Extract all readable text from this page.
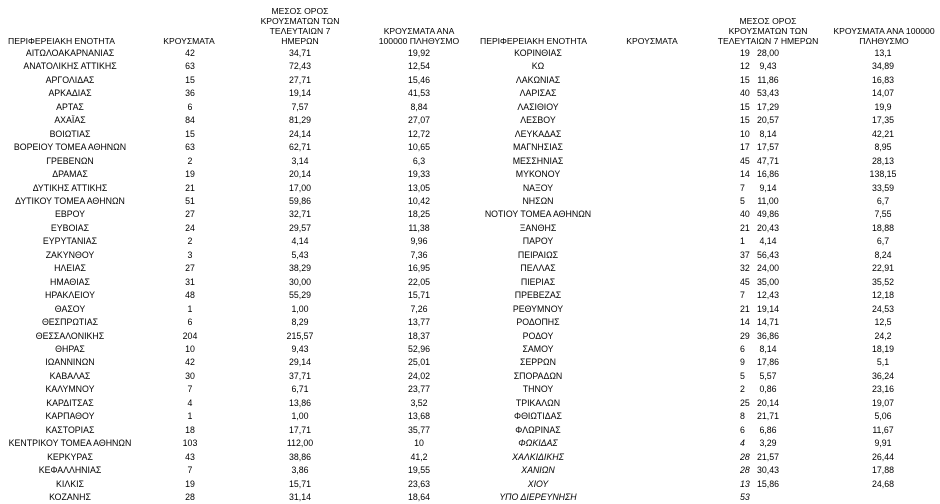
ΠΕΡΙΦΕΡΕΙΑΚΗ ΕΝΟΤΗΤΑ	ΚΡΟΥΣΜΑΤΑ	ΜΕΣΟΣ ΟΡΟΣ ΚΡΟΥΣΜΑΤΩΝ ΤΩΝ ΤΕΛΕΥΤΑΙΩΝ 7 ΗΜΕΡΩΝ	ΚΡΟΥΣΜΑΤΑ ΑΝΑ 100000 ΠΛΗΘΥΣΜΟ
ΑΙΤΩΛΟΑΚΑΡΝΑΝΙΑΣ	42	34,71	19,92
ΑΝΑΤΟΛΙΚΗΣ ΑΤΤΙΚΗΣ	63	72,43	12,54
ΑΡΓΟΛΙΔΑΣ	15	27,71	15,46
ΑΡΚΑΔΙΑΣ	36	19,14	41,53
ΑΡΤΑΣ	6	7,57	8,84
ΑΧΑΪΑΣ	84	81,29	27,07
ΒΟΙΩΤΙΑΣ	15	24,14	12,72
ΒΟΡΕΙΟΥ ΤΟΜΕΑ ΑΘΗΝΩΝ	63	62,71	10,65
ΓΡΕΒΕΝΩΝ	2	3,14	6,3
ΔΡΑΜΑΣ	19	20,14	19,33
ΔΥΤΙΚΗΣ ΑΤΤΙΚΗΣ	21	17,00	13,05
ΔΥΤΙΚΟΥ ΤΟΜΕΑ ΑΘΗΝΩΝ	51	59,86	10,42
ΕΒΡΟΥ	27	32,71	18,25
ΕΥΒΟΙΑΣ	24	29,57	11,38
ΕΥΡΥΤΑΝΙΑΣ	2	4,14	9,96
ΖΑΚΥΝΘΟΥ	3	5,43	7,36
ΗΛΕΙΑΣ	27	38,29	16,95
ΗΜΑΘΙΑΣ	31	30,00	22,05
ΗΡΑΚΛΕΙΟΥ	48	55,29	15,71
ΘΑΣΟΥ	1	1,00	7,26
ΘΕΣΠΡΩΤΙΑΣ	6	8,29	13,77
ΘΕΣΣΑΛΟΝΙΚΗΣ	204	215,57	18,37
ΘΗΡΑΣ	10	9,43	52,96
ΙΩΑΝΝΙΝΩΝ	42	29,14	25,01
ΚΑΒΑΛΑΣ	30	37,71	24,02
ΚΑΛΥΜΝΟΥ	7	6,71	23,77
ΚΑΡΔΙΤΣΑΣ	4	13,86	3,52
ΚΑΡΠΑΘΟΥ	1	1,00	13,68
ΚΑΣΤΟΡΙΑΣ	18	17,71	35,77
ΚΕΝΤΡΙΚΟΥ ΤΟΜΕΑ ΑΘΗΝΩΝ	103	112,00	10
ΚΕΡΚΥΡΑΣ	43	38,86	41,2
ΚΕΦΑΛΛΗΝΙΑΣ	7	3,86	19,55
ΚΙΛΚΙΣ	19	15,71	23,63
ΚΟΖΑΝΗΣ	28	31,14	18,64
ΠΕΡΙΦΕΡΕΙΑΚΗ ΕΝΟΤΗΤΑ	ΚΡΟΥΣΜΑΤΑ	ΜΕΣΟΣ ΟΡΟΣ ΚΡΟΥΣΜΑΤΩΝ ΤΩΝ ΤΕΛΕΥΤΑΙΩΝ 7 ΗΜΕΡΩΝ	ΚΡΟΥΣΜΑΤΑ ΑΝΑ 100000 ΠΛΗΘΥΣΜΟ
ΚΟΡΙΝΘΙΑΣ	19	28,00	13,1
ΚΩ	12	9,43	34,89
ΛΑΚΩΝΙΑΣ	15	11,86	16,83
ΛΑΡΙΣΑΣ	40	53,43	14,07
ΛΑΣΙΘΙΟΥ	15	17,29	19,9
ΛΕΣΒΟΥ	15	20,57	17,35
ΛΕΥΚΑΔΑΣ	10	8,14	42,21
ΜΑΓΝΗΣΙΑΣ	17	17,57	8,95
ΜΕΣΣΗΝΙΑΣ	45	47,71	28,13
ΜΥΚΟΝΟΥ	14	16,86	138,15
ΝΑΞΟΥ	7	9,14	33,59
ΝΗΣΩΝ	5	11,00	6,7
ΝΟΤΙΟΥ ΤΟΜΕΑ ΑΘΗΝΩΝ	40	49,86	7,55
ΞΑΝΘΗΣ	21	20,43	18,88
ΠΑΡΟΥ	1	4,14	6,7
ΠΕΙΡΑΙΩΣ	37	56,43	8,24
ΠΕΛΛΑΣ	32	24,00	22,91
ΠΙΕΡΙΑΣ	45	35,00	35,52
ΠΡΕΒΕΖΑΣ	7	12,43	12,18
ΡΕΘΥΜΝΟΥ	21	19,14	24,53
ΡΟΔΟΠΗΣ	14	14,71	12,5
ΡΟΔΟΥ	29	36,86	24,2
ΣΑΜΟΥ	6	8,14	18,19
ΣΕΡΡΩΝ	9	17,86	5,1
ΣΠΟΡΑΔΩΝ	5	5,57	36,24
ΤΗΝΟΥ	2	0,86	23,16
ΤΡΙΚΑΛΩΝ	25	20,14	19,07
ΦΘΙΩΤΙΔΑΣ	8	21,71	5,06
ΦΛΩΡΙΝΑΣ	6	6,86	11,67
ΦΩΚΙΔΑΣ	4	3,29	9,91
ΧΑΛΚΙΔΙΚΗΣ	28	21,57	26,44
ΧΑΝΙΩΝ	28	30,43	17,88
ΧΙΟΥ	13	15,86	24,68
ΥΠΟ ΔΙΕΡΕΥΝΗΣΗ	53		
